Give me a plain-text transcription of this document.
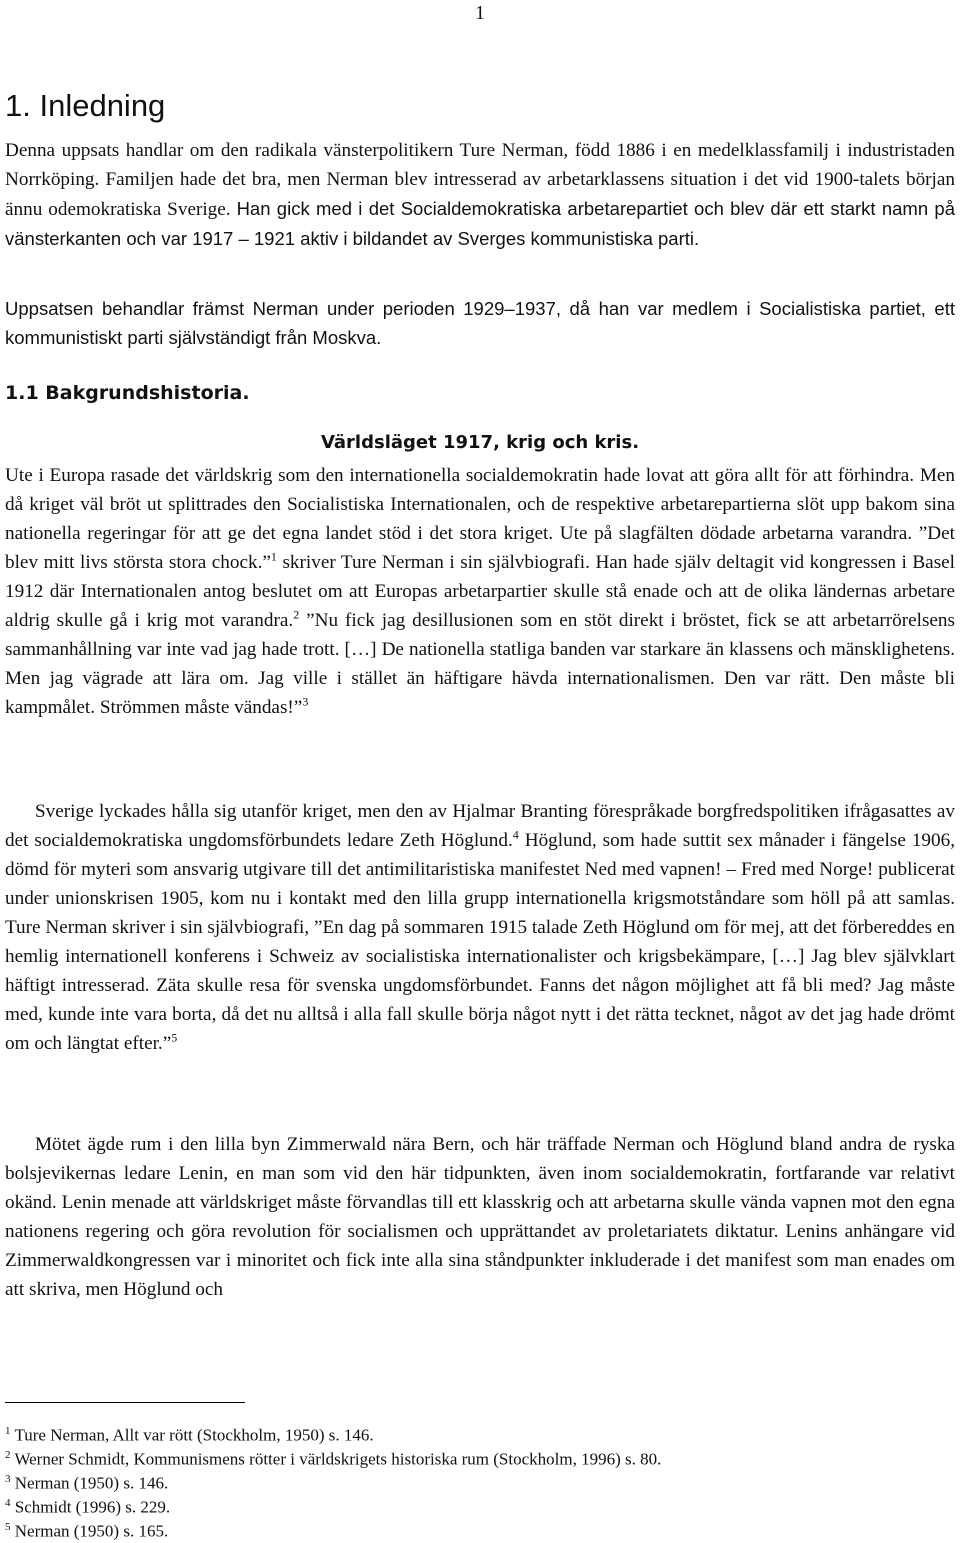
1
1. Inledning

Denna uppsats handlar om den radikala vänsterpolitikern Ture Nerman, född 1886 i en medelklassfamilj i industristaden Norrköping. Familjen hade det bra, men Nerman blev intresserad av arbetarklassens situation i det vid 1900-talets början ännu odemokratiska Sverige. Han gick med i det Socialdemokratiska arbetarepartiet och blev där ett starkt namn på vänsterkanten och var 1917 – 1921 aktiv i bildandet av Sverges kommunistiska parti.

Uppsatsen behandlar främst Nerman under perioden 1929–1937, då han var medlem i Socialistiska partiet, ett kommunistiskt parti självständigt från Moskva.

1.1 Bakgrundshistoria.
Världsläget 1917, krig och kris.

Ute i Europa rasade det världskrig som den internationella socialdemokratin hade lovat att göra allt för att förhindra. Men då kriget väl bröt ut splittrades den Socialistiska Internationalen, och de respektive arbetarepartierna slöt upp bakom sina nationella regeringar för att ge det egna landet stöd i det stora kriget. Ute på slagfälten dödade arbetarna varandra. ”Det blev mitt livs största stora chock.”$^1$ skriver Ture Nerman i sin självbiografi. Han hade själv deltagit vid kongressen i Basel 1912 där Internationalen antog beslutet om att Europas arbetarpartier skulle stå enade och att de olika ländernas arbetare aldrig skulle gå i krig mot varandra.$^2$ ”Nu fick jag desillusionen som en stöt direkt i bröstet, fick se att arbetarrörelsens sammanhållning var inte vad jag hade trott. […] De nationella statliga banden var starkare än klassens och mänsklighetens. Men jag vägrade att lära om. Jag ville i stället än häftigare hävda internationalismen. Den var rätt. Den måste bli kampmålet. Strömmen måste vändas!”$^3$

Sverige lyckades hålla sig utanför kriget, men den av Hjalmar Branting förespråkade borgfredspolitiken ifrågasattes av det socialdemokratiska ungdomsförbundets ledare Zeth Höglund.$^4$ Höglund, som hade suttit sex månader i fängelse 1906, dömd för myteri som ansvarig utgivare till det antimilitaristiska manifestet Ned med vapnen! – Fred med Norge! publicerat under unionskrisen 1905, kom nu i kontakt med den lilla grupp internationella krigsmotståndare som höll på att samlas. Ture Nerman skriver i sin självbiografi, ”En dag på sommaren 1915 talade Zeth Höglund om för mej, att det förbereddes en hemlig internationell konferens i Schweiz av socialistiska internationalister och krigsbekämpare, […] Jag blev självklart häftigt intresserad. Zäta skulle resa för svenska ungdomsförbundet. Fanns det någon möjlighet att få bli med? Jag måste med, kunde inte vara borta, då det nu alltså i alla fall skulle börja något nytt i det rätta tecknet, något av det jag hade drömt om och längtat efter.”$^5$

Mötet ägde rum i den lilla byn Zimmerwald nära Bern, och här träffade Nerman och Höglund bland andra de ryska bolsjevikernas ledare Lenin, en man som vid den här tidpunkten, även inom socialdemokratin, fortfarande var relativt okänd. Lenin menade att världskriget måste förvandlas till ett klasskrig och att arbetarna skulle vända vapnen mot den egna nationens regering och göra revolution för socialismen och upprättandet av proletariatets diktatur. Lenins anhängare vid Zimmerwaldkongressen var i minoritet och fick inte alla sina ståndpunkter inkluderade i det manifest som man enades om att skriva, men Höglund och

$^1$ Ture Nerman, Allt var rött (Stockholm, 1950) s. 146.
$^2$ Werner Schmidt, Kommunismens rötter i världskrigets historiska rum (Stockholm, 1996) s. 80.
$^3$ Nerman (1950) s. 146.
$^4$ Schmidt (1996) s. 229.
$^5$ Nerman (1950) s. 165.
